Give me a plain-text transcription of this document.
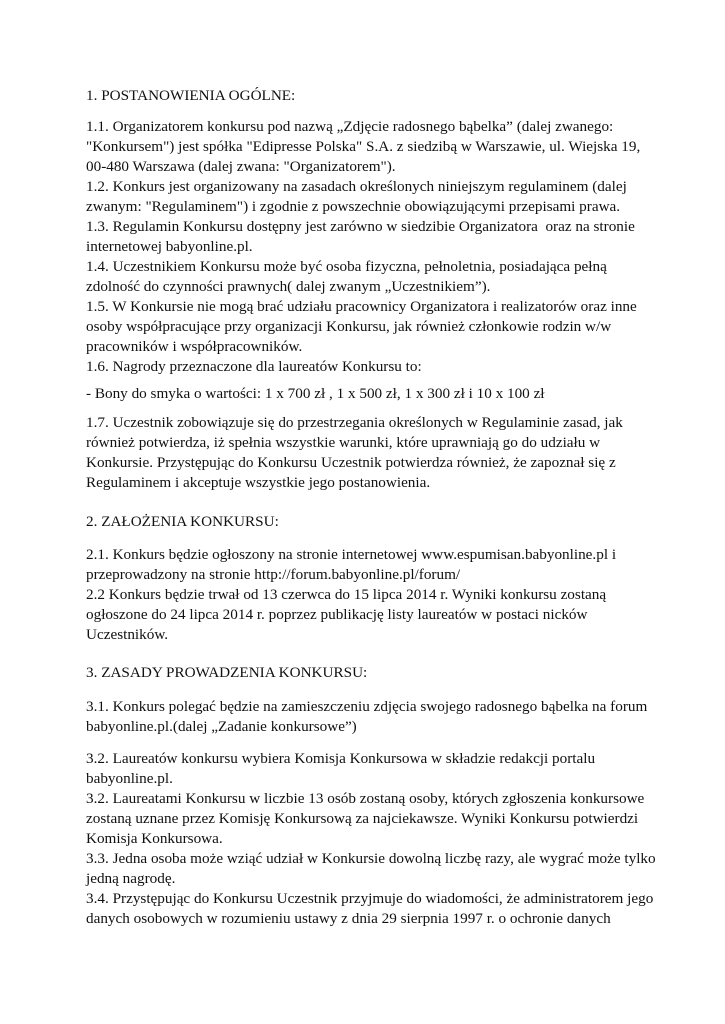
1. POSTANOWIENIA OGÓLNE:
1.1. Organizatorem konkursu pod nazwą „Zdjęcie radosnego bąbelka” (dalej zwanego:
"Konkursem") jest spółka "Edipresse Polska" S.A. z siedzibą w Warszawie, ul. Wiejska 19,
00-480 Warszawa (dalej zwana: "Organizatorem").
1.2. Konkurs jest organizowany na zasadach określonych niniejszym regulaminem (dalej
zwanym: "Regulaminem") i zgodnie z powszechnie obowiązującymi przepisami prawa.
1.3. Regulamin Konkursu dostępny jest zarówno w siedzibie Organizatora  oraz na stronie
internetowej babyonline.pl.
1.4. Uczestnikiem Konkursu może być osoba fizyczna, pełnoletnia, posiadająca pełną
zdolność do czynności prawnych( dalej zwanym „Uczestnikiem”).
1.5. W Konkursie nie mogą brać udziału pracownicy Organizatora i realizatorów oraz inne
osoby współpracujące przy organizacji Konkursu, jak również członkowie rodzin w/w
pracowników i współpracowników.
1.6. Nagrody przeznaczone dla laureatów Konkursu to:
- Bony do smyka o wartości: 1 x 700 zł , 1 x 500 zł, 1 x 300 zł i 10 x 100 zł
1.7. Uczestnik zobowiązuje się do przestrzegania określonych w Regulaminie zasad, jak
również potwierdza, iż spełnia wszystkie warunki, które uprawniają go do udziału w
Konkursie. Przystępując do Konkursu Uczestnik potwierdza również, że zapoznał się z
Regulaminem i akceptuje wszystkie jego postanowienia.
2. ZAŁOŻENIA KONKURSU:
2.1. Konkurs będzie ogłoszony na stronie internetowej www.espumisan.babyonline.pl i
przeprowadzony na stronie http://forum.babyonline.pl/forum/
2.2 Konkurs będzie trwał od 13 czerwca do 15 lipca 2014 r. Wyniki konkursu zostaną
ogłoszone do 24 lipca 2014 r. poprzez publikację listy laureatów w postaci nicków
Uczestników.
3. ZASADY PROWADZENIA KONKURSU:
3.1. Konkurs polegać będzie na zamieszczeniu zdjęcia swojego radosnego bąbelka na forum
babyonline.pl.(dalej „Zadanie konkursowe”)
3.2. Laureatów konkursu wybiera Komisja Konkursowa w składzie redakcji portalu
babyonline.pl.
3.2. Laureatami Konkursu w liczbie 13 osób zostaną osoby, których zgłoszenia konkursowe
zostaną uznane przez Komisję Konkursową za najciekawsze. Wyniki Konkursu potwierdzi
Komisja Konkursowa.
3.3. Jedna osoba może wziąć udział w Konkursie dowolną liczbę razy, ale wygrać może tylko
jedną nagrodę.
3.4. Przystępując do Konkursu Uczestnik przyjmuje do wiadomości, że administratorem jego
danych osobowych w rozumieniu ustawy z dnia 29 sierpnia 1997 r. o ochronie danych
